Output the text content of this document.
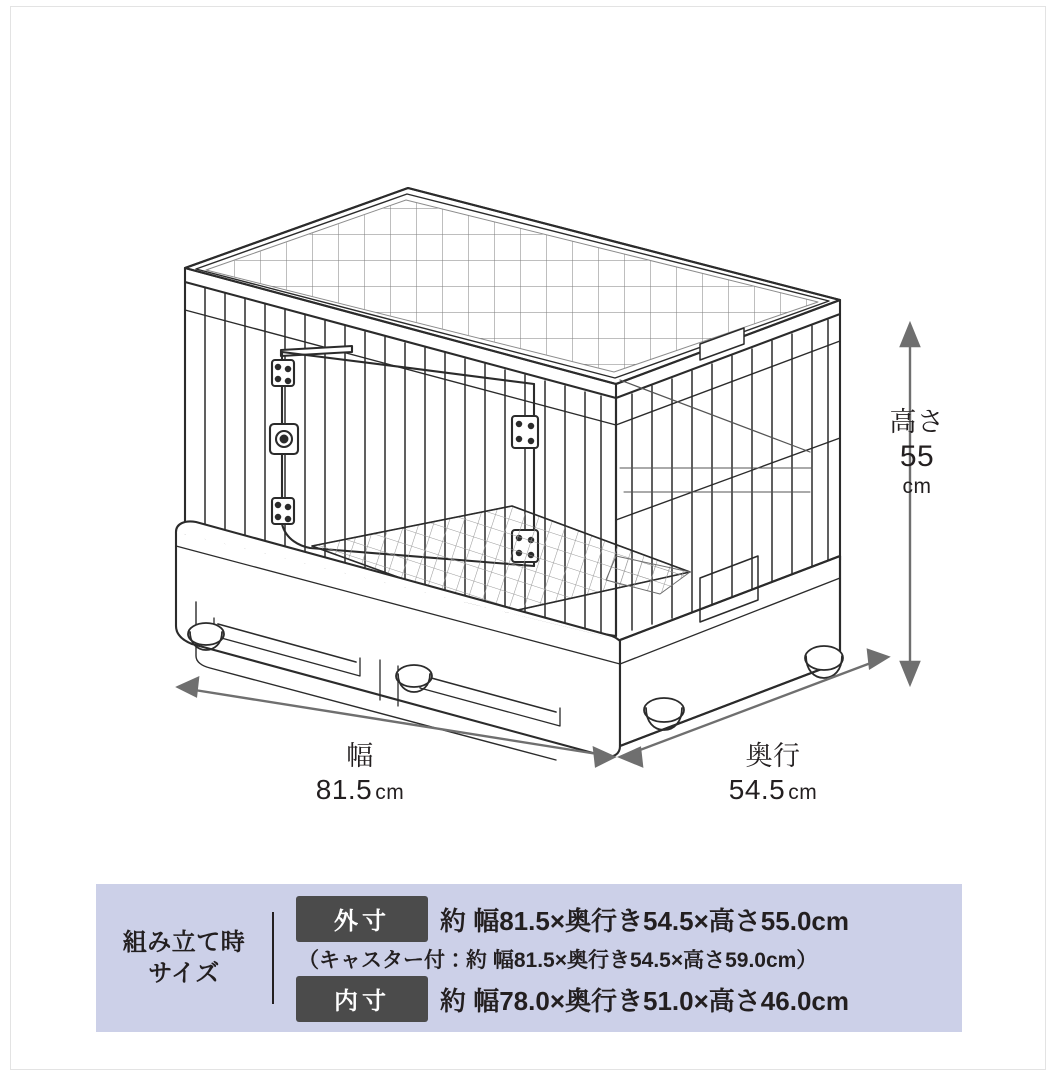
幅
81.5 cm
奥行
54.5 cm
高さ
55
cm
組み立て時
サイズ
外寸	約 幅81.5×奥行き54.5×高さ55.0cm
（キャスター付：約 幅81.5×奥行き54.5×高さ59.0cm）
内寸	約 幅78.0×奥行き51.0×高さ46.0cm
